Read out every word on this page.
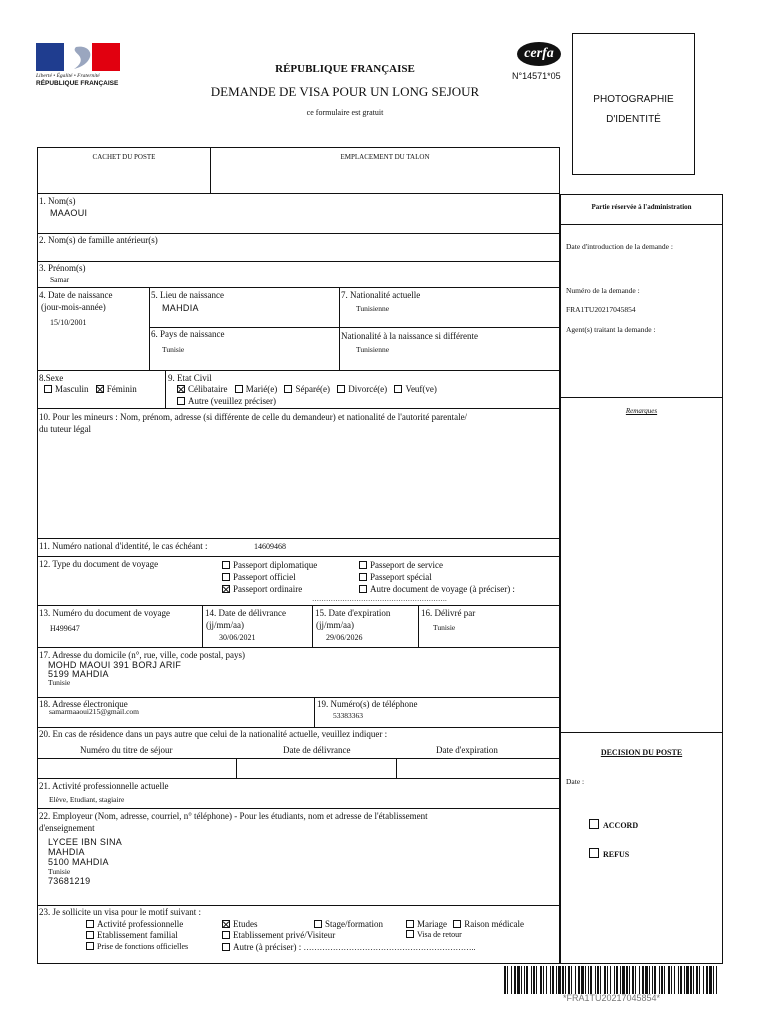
Liberté • Égalité • Fraternité
RÉPUBLIQUE FRANÇAISE
RÉPUBLIQUE FRANÇAISE
DEMANDE DE VISA POUR UN LONG SEJOUR
ce formulaire est gratuit
cerfa
N°14571*05
PHOTOGRAPHIE
D'IDENTITÉ
CACHET DU POSTE	EMPLACEMENT DU TALON
1. Nom(s)
MAAOUI
2. Nom(s) de famille antérieur(s)
3. Prénom(s)
Samar
4. Date de naissance
(jour-mois-année)
15/10/2001
5. Lieu de naissance
MAHDIA
7. Nationalité actuelle
Tunisienne
6. Pays de naissance
Tunisie
Nationalité à la naissance si différente
Tunisienne
8.Sexe
Masculin Féminin
9. Etat Civil
Célibataire Marié(e) Séparé(e) Divorcé(e) Veuf(ve)
Autre (veuillez préciser)
10. Pour les mineurs : Nom, prénom, adresse (si différente de celle du demandeur) et nationalité de l'autorité parentale/
du tuteur légal
11. Numéro national d'identité, le cas échéant :	14609468
12. Type du document de voyage	Passeport diplomatique
Passeport officiel
Passeport ordinaire
Passeport de service
Passeport spécial
Autre document de voyage (à préciser) :
………………………………………………….
13. Numéro du document de voyage
H499647
14. Date de délivrance
(jj/mm/aa)
30/06/2021
15. Date d'expiration
(jj/mm/aa)
29/06/2026
16. Délivré par
Tunisie
17. Adresse du domicile (n°, rue, ville, code postal, pays)
MOHD MAOUI 391 BORJ ARIF
5199 MAHDIA
Tunisie
18. Adresse électronique
samarmaaoui215@gmail.com
19. Numéro(s) de téléphone
53383363
20. En cas de résidence dans un pays autre que celui de la nationalité actuelle, veuillez indiquer :
Numéro du titre de séjour	Date de délivrance	Date d'expiration
21. Activité professionnelle actuelle
Elève, Etudiant, stagiaire
22. Employeur (Nom, adresse, courriel, n° téléphone) - Pour les étudiants, nom et adresse de l'établissement
d'enseignement
LYCEE IBN SINA
MAHDIA
5100 MAHDIA
Tunisie
73681219
23. Je sollicite un visa pour le motif suivant :
Activité professionnelle	Etudes	Stage/formation	Mariage Raison médicale
Etablissement familial	Etablissement privé/Visiteur	Visa de retour
Prise de fonctions officielles	Autre (à préciser) : ………………………………………………………..
Partie réservée à l'administration
Date d'introduction de la demande :
Numéro de la demande :
FRA1TU20217045854
Agent(s) traitant la demande :
Remarques
DECISION DU POSTE
Date :
ACCORD
REFUS
*FRA1TU20217045854*
